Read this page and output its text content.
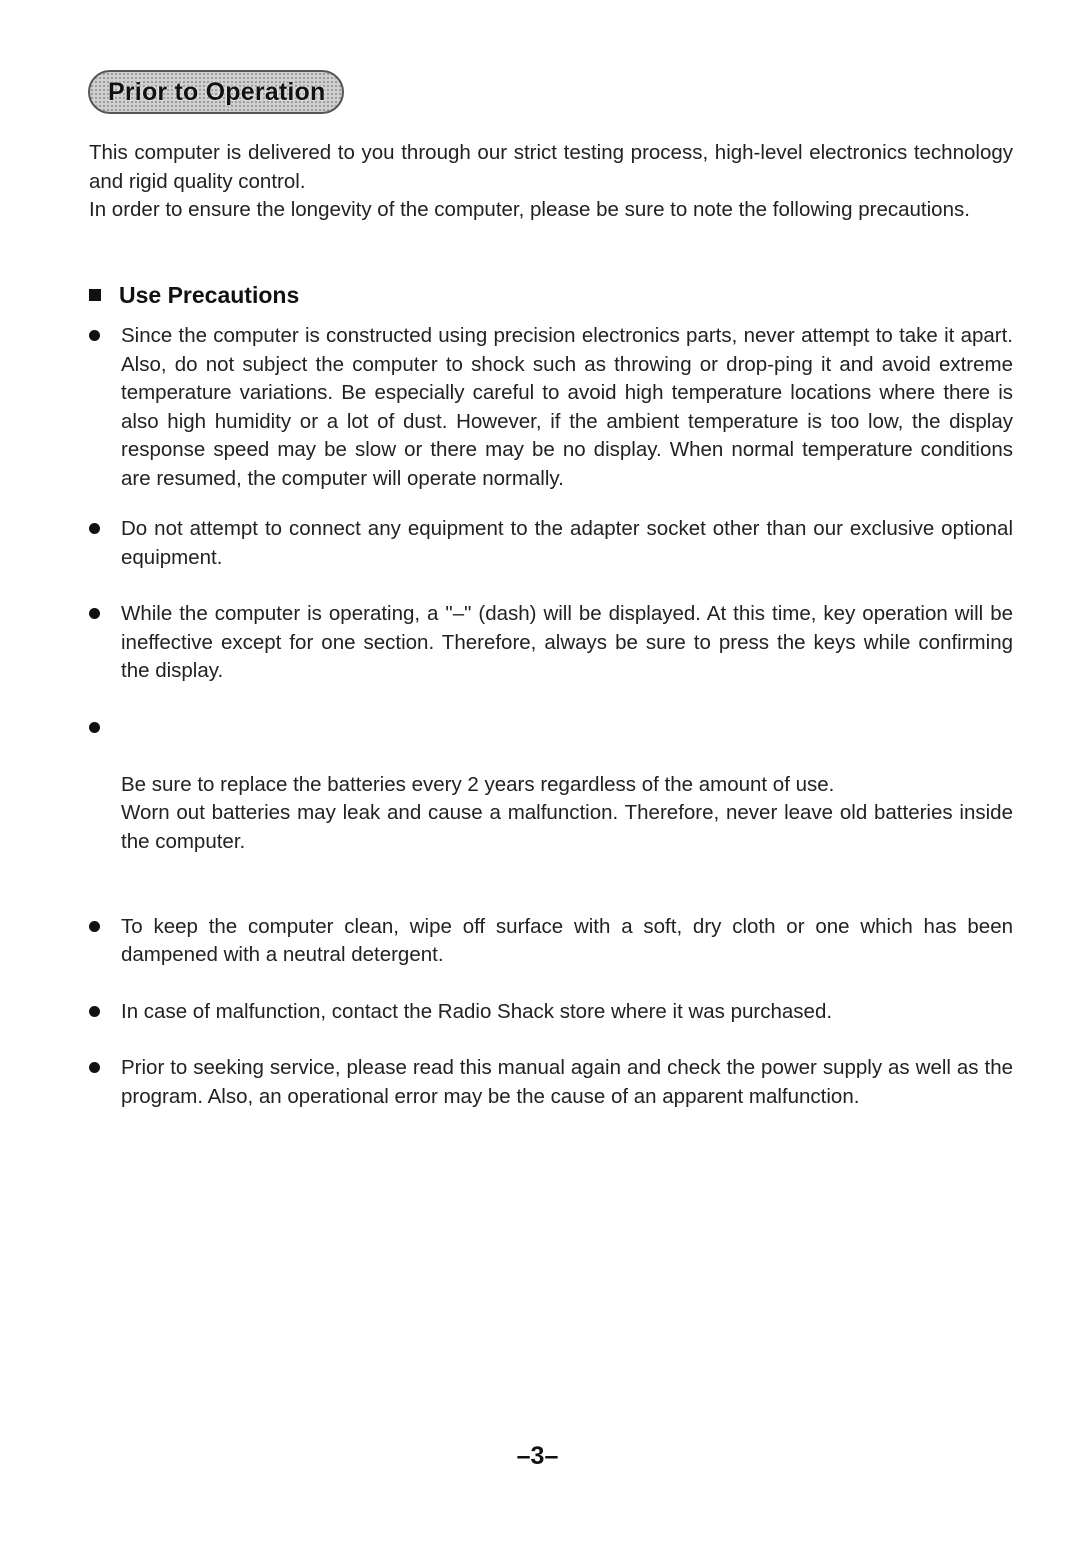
Prior to Operation

This computer is delivered to you through our strict testing process, high-level electronics technology and rigid quality control.

In order to ensure the longevity of the computer, please be sure to note the following precautions.

Use Precautions
Since the computer is constructed using precision electronics parts, never attempt to take it apart. Also, do not subject the computer to shock such as throwing or drop-ping it and avoid extreme temperature variations. Be especially careful to avoid high temperature locations where there is also high humidity or a lot of dust. However, if the ambient temperature is too low, the display response speed may be slow or there may be no display. When normal temperature conditions are resumed, the computer will operate normally.
Do not attempt to connect any equipment to the adapter socket other than our exclusive optional equipment.
While the computer is operating, a "–" (dash) will be displayed. At this time, key operation will be ineffective except for one section. Therefore, always be sure to press the keys while confirming the display.

Be sure to replace the batteries every 2 years regardless of the amount of use.
Worn out batteries may leak and cause a malfunction. Therefore, never leave old batteries inside the computer.

To keep the computer clean, wipe off surface with a soft, dry cloth or one which has been dampened with a neutral detergent.
In case of malfunction, contact the Radio Shack store where it was purchased.
Prior to seeking service, please read this manual again and check the power supply as well as the program. Also, an operational error may be the cause of an apparent malfunction.
–3–
